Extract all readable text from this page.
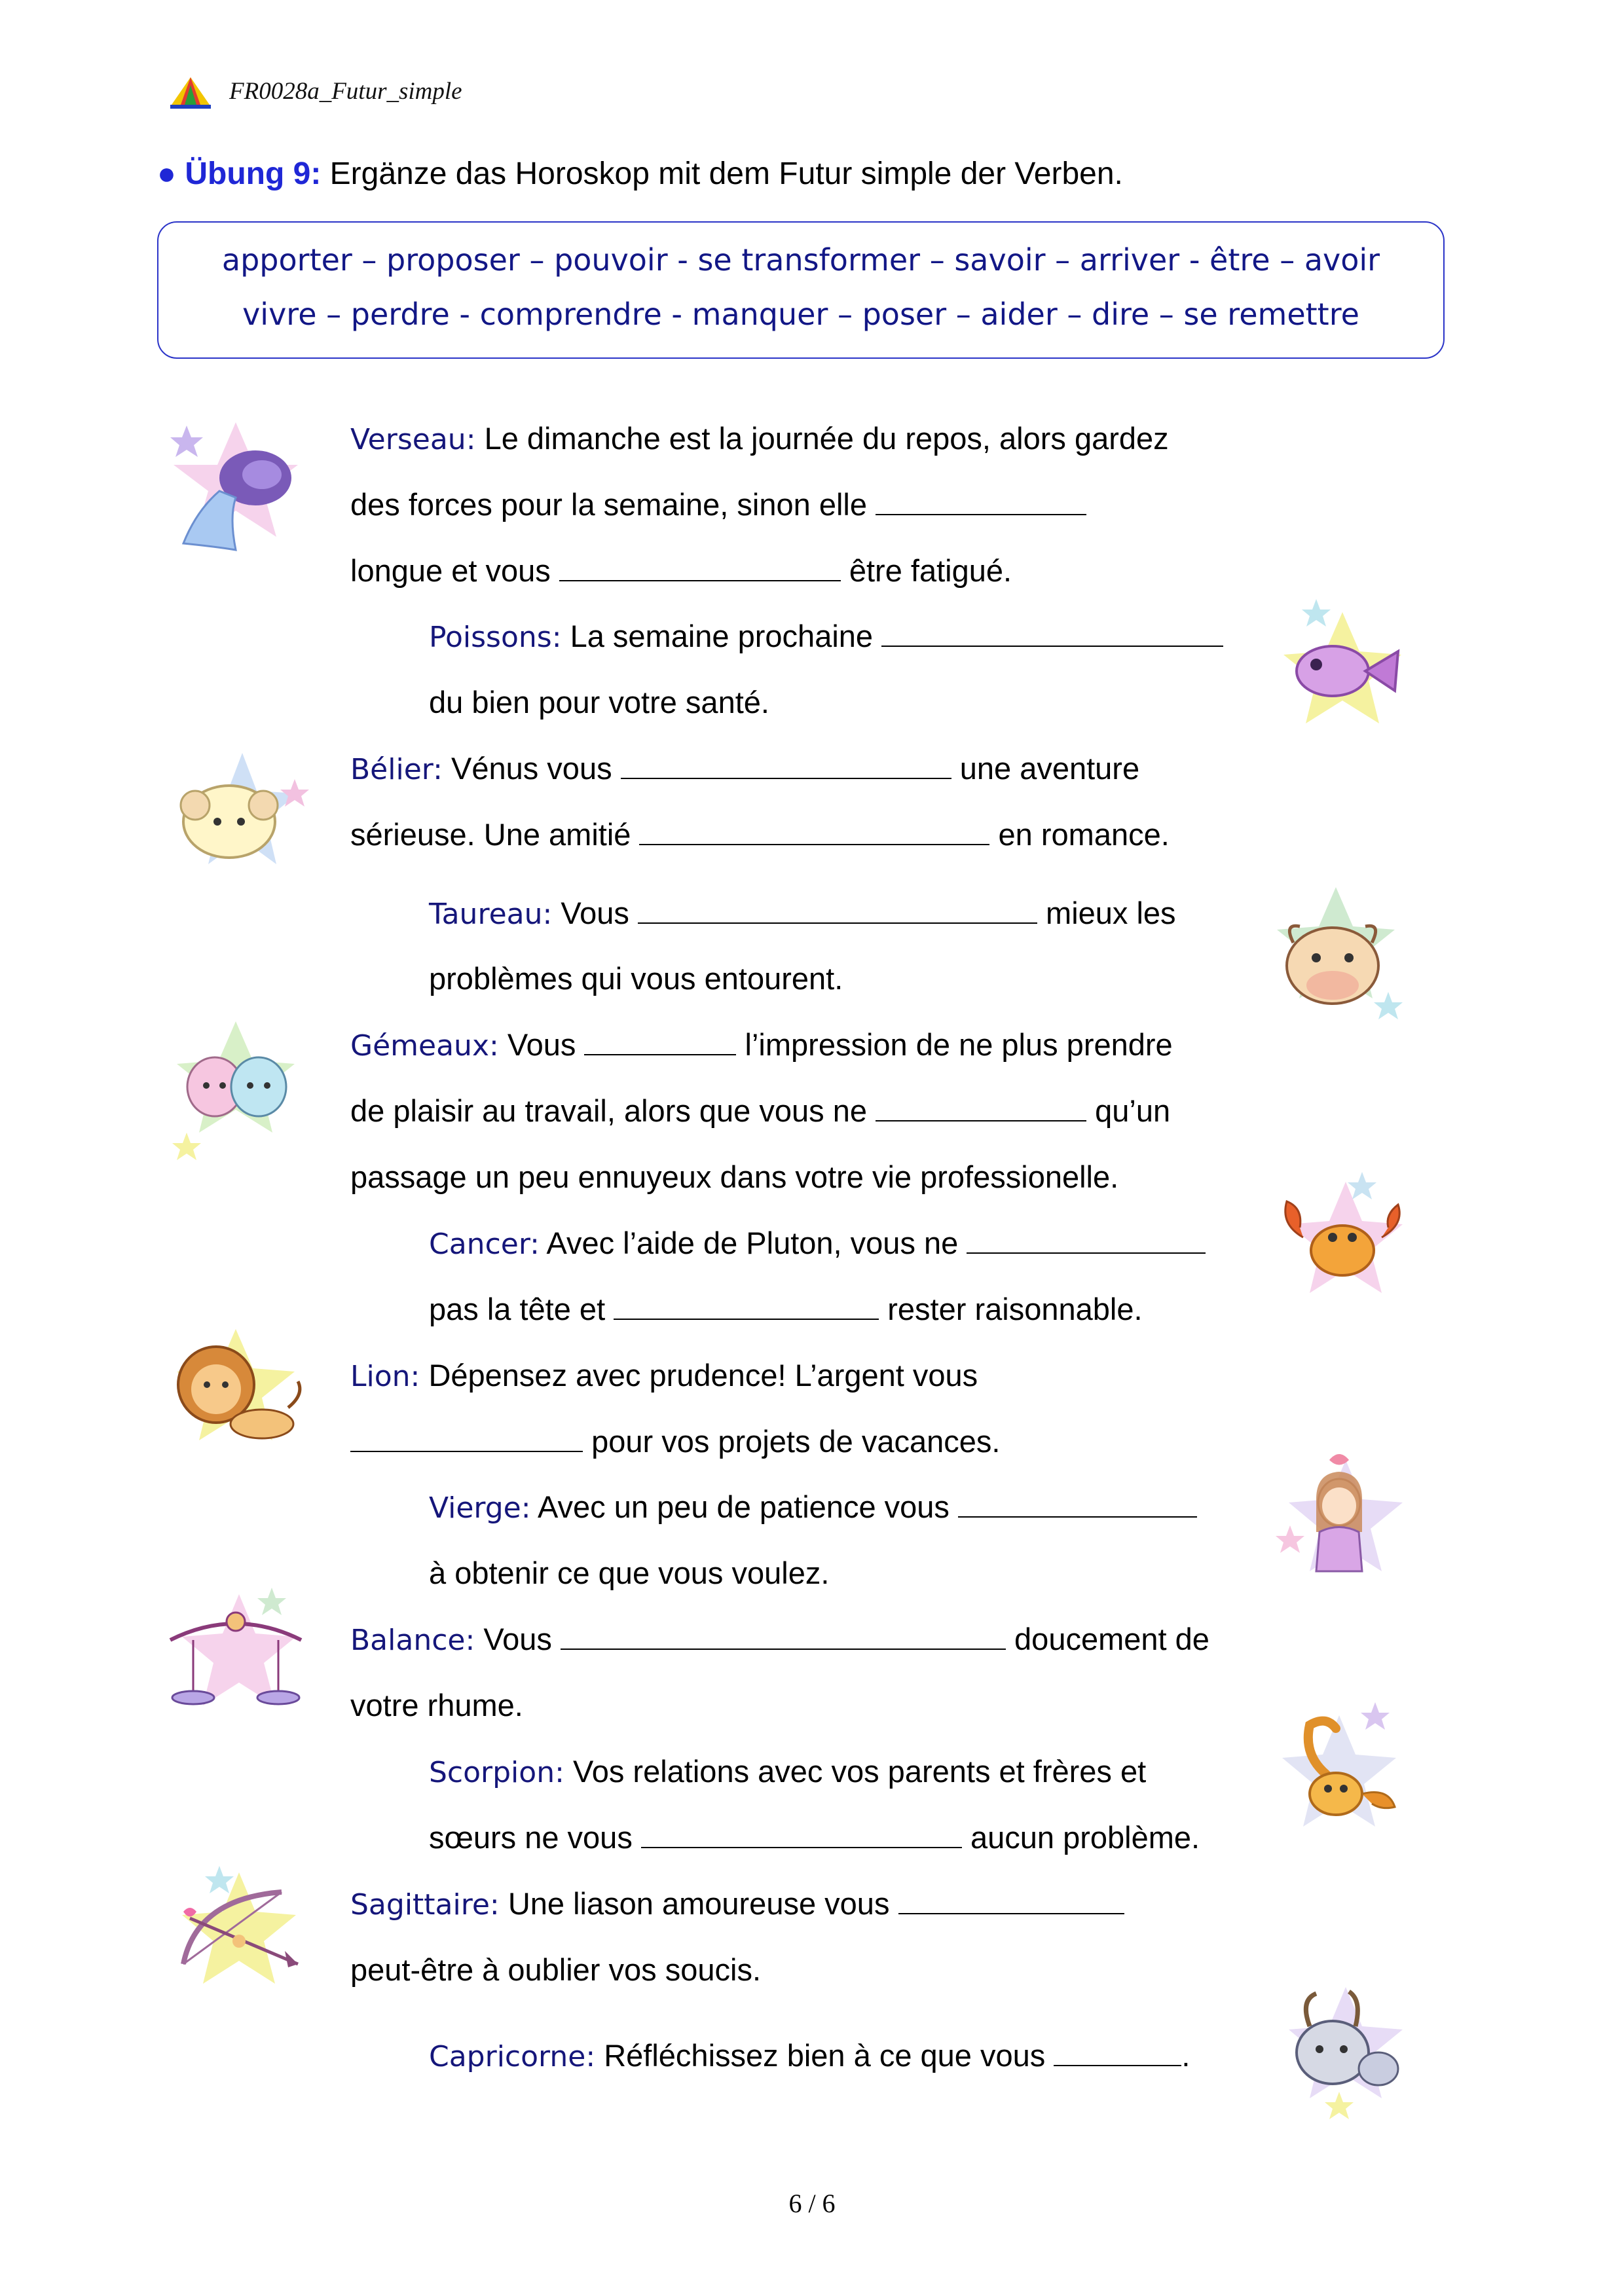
FR0028a_Futur_simple
● Übung 9: Ergänze das Horoskop mit dem Futur simple der Verben.
apporter – proposer – pouvoir - se transformer – savoir – arriver - être – avoir
vivre – perdre - comprendre - manquer – poser – aider – dire – se remettre
Verseau: Le dimanche est la journée du repos, alors gardez
des forces pour la semaine, sinon elle
longue et vous	être fatigué.
Poissons: La semaine prochaine
du bien pour votre santé.
Bélier: Vénus vous	une aventure
sérieuse. Une amitié	en romance.
Taureau: Vous	mieux les
problèmes qui vous entourent.
Gémeaux: Vous	l’impression de ne plus prendre
de plaisir au travail, alors que vous ne	qu’un
passage un peu ennuyeux dans votre vie professionelle.
Cancer: Avec l’aide de Pluton, vous ne
pas la tête et	rester raisonnable.
Lion: Dépensez avec prudence! L’argent vous
pour vos projets de vacances.
Vierge: Avec un peu de patience vous
à obtenir ce que vous voulez.
Balance: Vous	doucement de
votre rhume.
Scorpion: Vos relations avec vos parents et frères et
sœurs ne vous	aucun problème.
Sagittaire: Une liason amoureuse vous
peut-être à oublier vos soucis.
Capricorne: Réfléchissez bien à ce que vous	.
6 / 6
